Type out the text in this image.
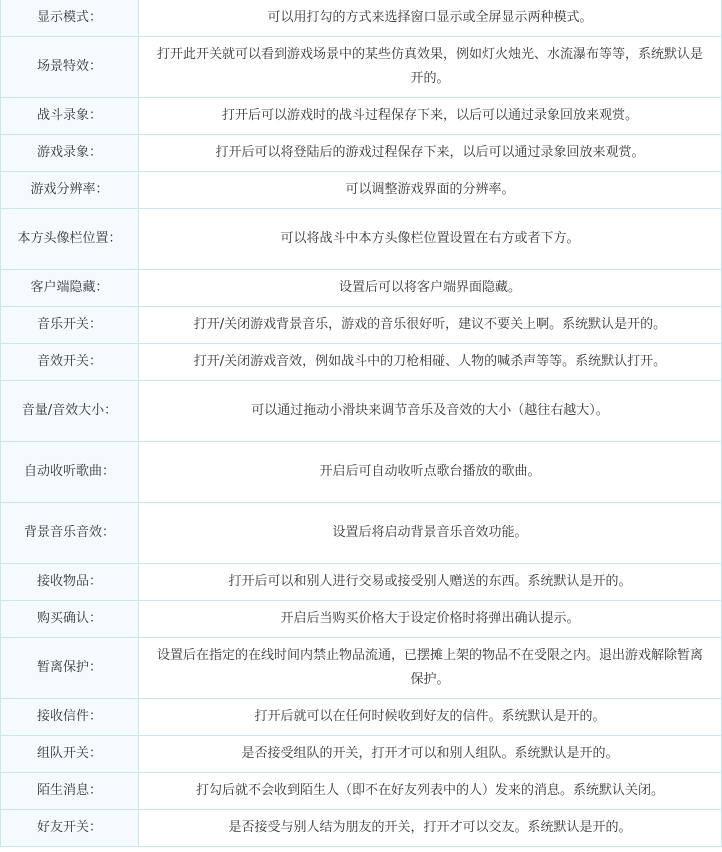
显示模式：	可以用打勾的方式来选择窗口显示或全屏显示两种模式。
场景特效：	打开此开关就可以看到游戏场景中的某些仿真效果，例如灯火烛光、水流瀑布等等，系统默认是开的。
战斗录象：	打开后可以游戏时的战斗过程保存下来，以后可以通过录象回放来观赏。
游戏录象：	打开后可以将登陆后的游戏过程保存下来，以后可以通过录象回放来观赏。
游戏分辨率：	可以调整游戏界面的分辨率。
本方头像栏位置：	可以将战斗中本方头像栏位置设置在右方或者下方。
客户端隐藏：	设置后可以将客户端界面隐藏。
音乐开关：	打开/关闭游戏背景音乐，游戏的音乐很好听，建议不要关上啊。系统默认是开的。
音效开关：	打开/关闭游戏音效，例如战斗中的刀枪相碰、人物的喊杀声等等。系统默认打开。
音量/音效大小：	可以通过拖动小滑块来调节音乐及音效的大小（越往右越大）。
自动收听歌曲：	开启后可自动收听点歌台播放的歌曲。
背景音乐音效：	设置后将启动背景音乐音效功能。
接收物品：	打开后可以和别人进行交易或接受别人赠送的东西。系统默认是开的。
购买确认：	开启后当购买价格大于设定价格时将弹出确认提示。
暂离保护：	设置后在指定的在线时间内禁止物品流通，已摆摊上架的物品不在受限之内。退出游戏解除暂离保护。
接收信件：	打开后就可以在任何时候收到好友的信件。系统默认是开的。
组队开关：	是否接受组队的开关，打开才可以和别人组队。系统默认是开的。
陌生消息：	打勾后就不会收到陌生人（即不在好友列表中的人）发来的消息。系统默认关闭。
好友开关：	是否接受与别人结为朋友的开关，打开才可以交友。系统默认是开的。
